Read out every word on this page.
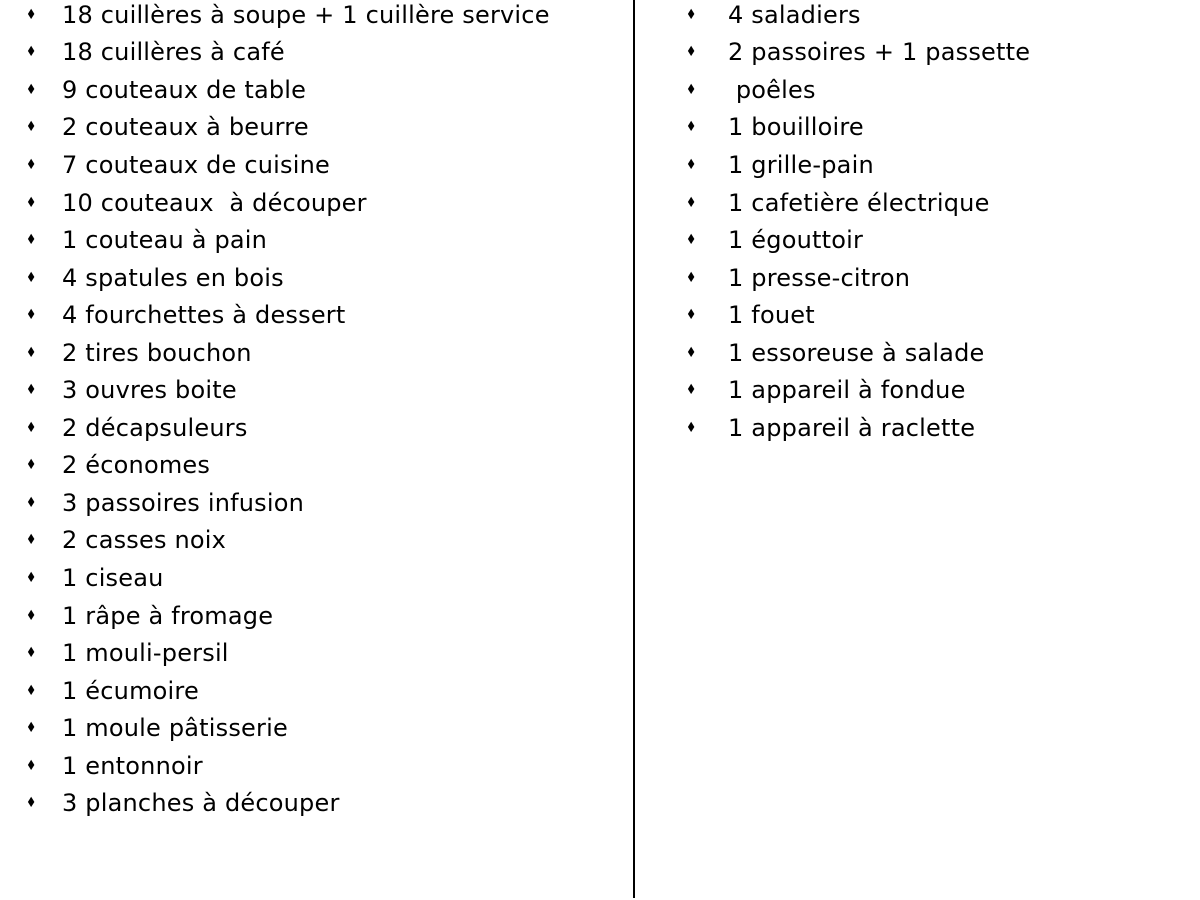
♦	18 cuillères à soupe + 1 cuillère service
♦	18 cuillères à café
♦	9 couteaux de table
♦	2 couteaux à beurre
♦	7 couteaux de cuisine
♦	10 couteaux  à découper
♦	1 couteau à pain
♦	4 spatules en bois
♦	4 fourchettes à dessert
♦	2 tires bouchon
♦	3 ouvres boite
♦	2 décapsuleurs
♦	2 économes
♦	3 passoires infusion
♦	2 casses noix
♦	1 ciseau
♦	1 râpe à fromage
♦	1 mouli-persil
♦	1 écumoire
♦	1 moule pâtisserie
♦	1 entonnoir
♦	3 planches à découper
♦	4 saladiers
♦	2 passoires + 1 passette
♦	poêles
♦	1 bouilloire
♦	1 grille-pain
♦	1 cafetière électrique
♦	1 égouttoir
♦	1 presse-citron
♦	1 fouet
♦	1 essoreuse à salade
♦	1 appareil à fondue
♦	1 appareil à raclette
